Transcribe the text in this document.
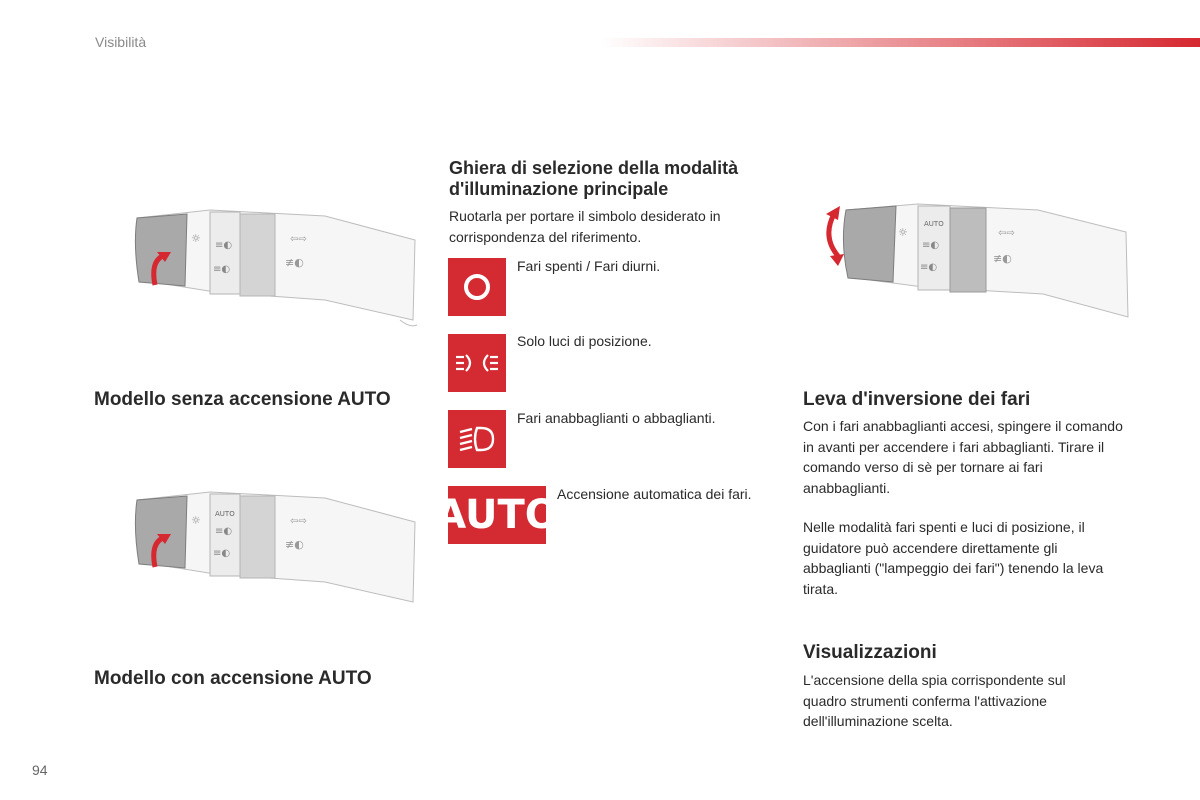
Visibilità
☼
≡◐
≡◐
⇦⇨
≢◐
AUTO
☼
≡◐
≡◐
⇦⇨
≢◐
Modello senza accensione AUTO
Modello con accensione AUTO
Ghiera di selezione della modalità d'illuminazione principale

Ruotarla per portare il simbolo desiderato in corrispondenza del riferimento.

Fari spenti / Fari diurni.
Solo luci di posizione.
Fari anabbaglianti o abbaglianti.
AUTO
Accensione automatica dei fari.
AUTO
☼
≡◐
≡◐
⇦⇨
≢◐
Leva d'inversione dei fari

Con i fari anabbaglianti accesi, spingere il comando in avanti per accendere i fari abbaglianti. Tirare il comando verso di sè per tornare ai fari anabbaglianti.

Nelle modalità fari spenti e luci di posizione, il guidatore può accendere direttamente gli abbaglianti ("lampeggio dei fari") tenendo la leva tirata.

Visualizzazioni

L'accensione della spia corrispondente sul quadro strumenti conferma l'attivazione dell'illuminazione scelta.

94
